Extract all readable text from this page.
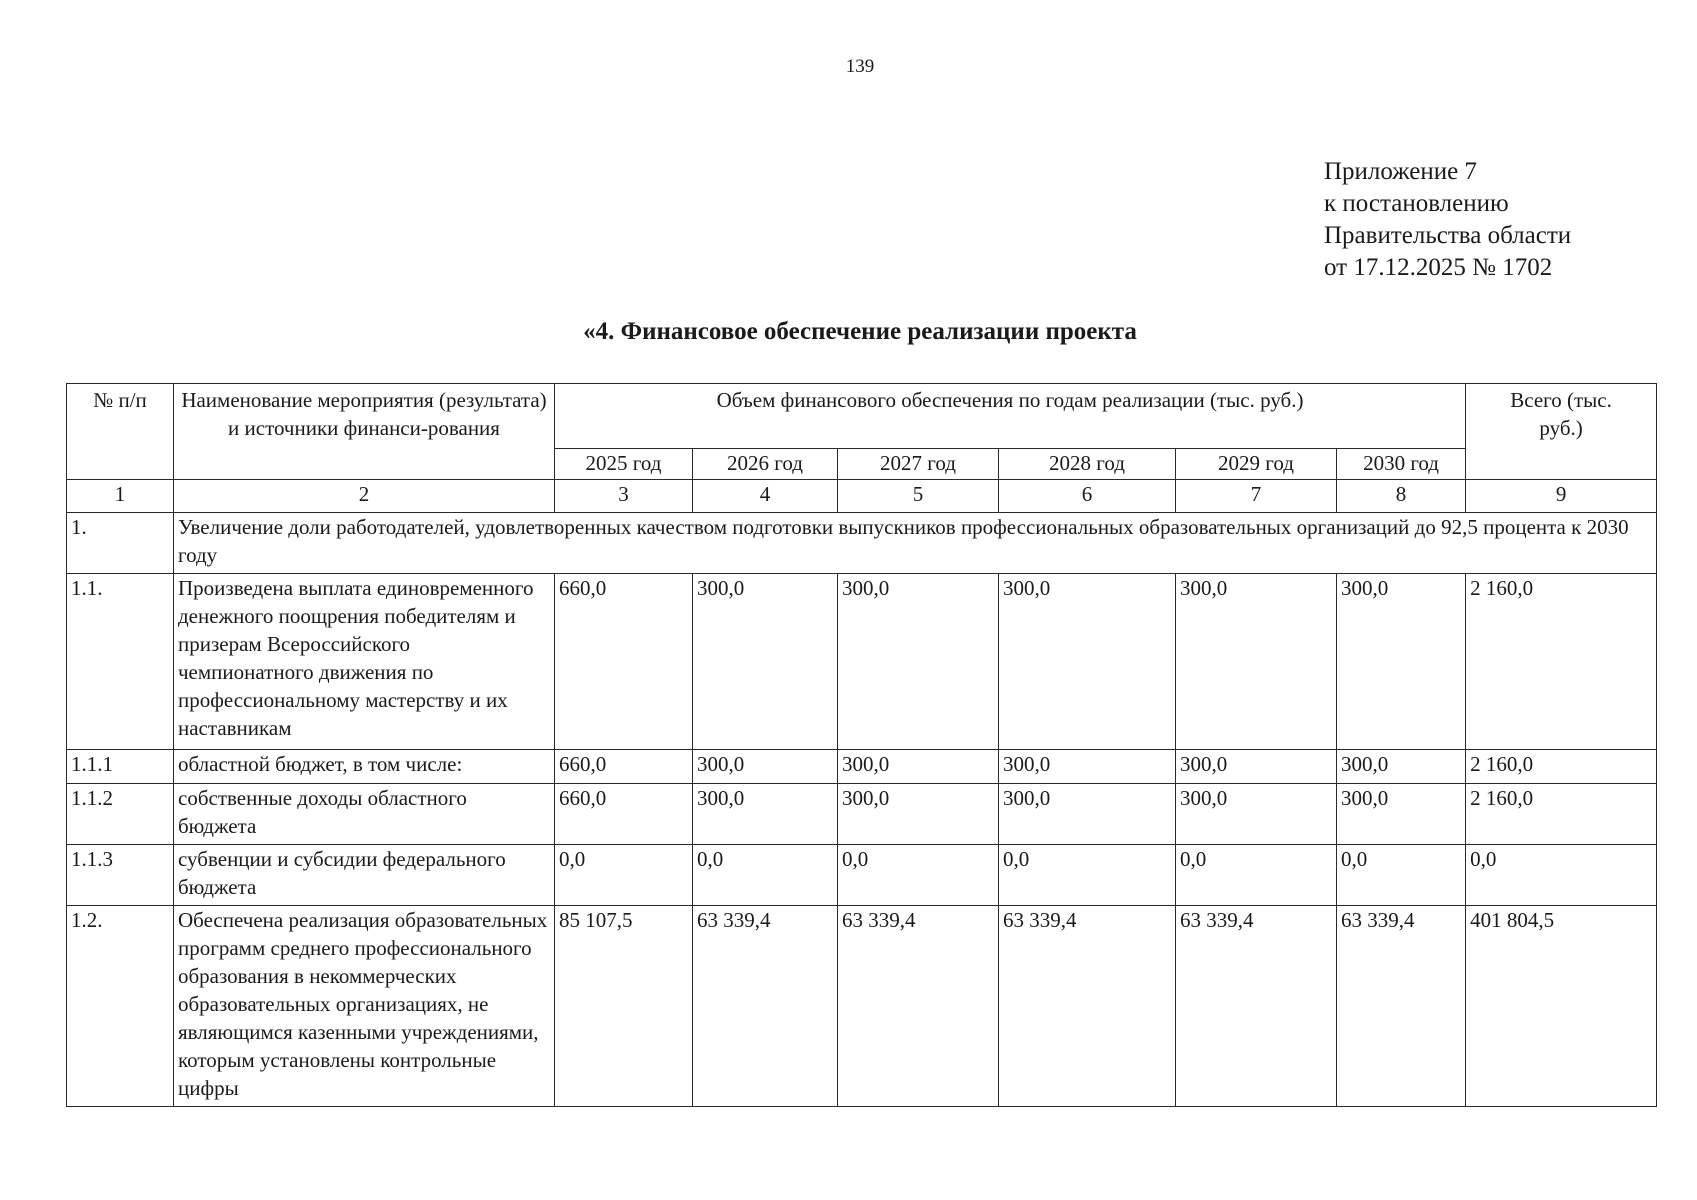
139
Приложение 7
к постановлению
Правительства области
от 17.12.2025 № 1702
«4. Финансовое обеспечение реализации проекта
№ п/п	Наименование мероприятия (результата) и источники финанси-рования	Объем финансового обеспечения по годам реализации (тыс. руб.)						Всего (тыс. руб.)
		2025 год	2026 год	2027 год	2028 год	2029 год	2030 год	
1	2	3	4	5	6	7	8	9
1.	Увеличение доли работодателей, удовлетворенных качеством подготовки выпускников профессиональных образовательных организаций до 92,5 процента к 2030 году							
1.1.	Произведена выплата единовременного денежного поощрения победителям и призерам Всероссийского чемпионатного движения по профессиональному мастерству и их наставникам	660,0	300,0	300,0	300,0	300,0	300,0	2 160,0
1.1.1	областной бюджет, в том числе:	660,0	300,0	300,0	300,0	300,0	300,0	2 160,0
1.1.2	собственные доходы областного бюджета	660,0	300,0	300,0	300,0	300,0	300,0	2 160,0
1.1.3	субвенции и субсидии федерального бюджета	0,0	0,0	0,0	0,0	0,0	0,0	0,0
1.2.	Обеспечена реализация образовательных программ среднего профессионального образования в некоммерческих образовательных организациях, не являющимся казенными учреждениями, которым установлены контрольные цифры	85 107,5	63 339,4	63 339,4	63 339,4	63 339,4	63 339,4	401 804,5
